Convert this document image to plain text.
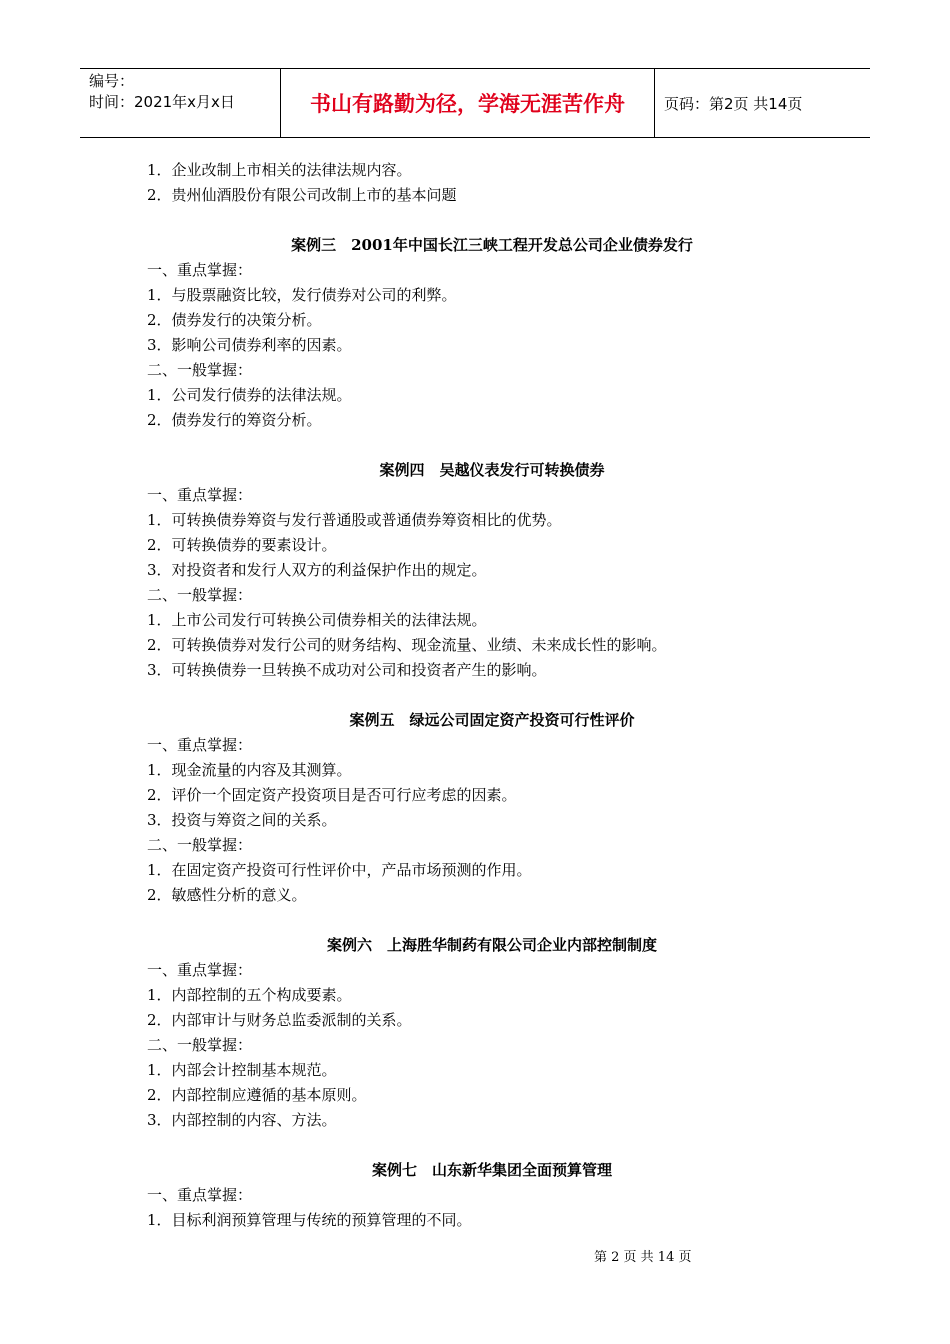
编号：
时间：2021年x月x日	书山有路勤为径，学海无涯苦作舟	页码：第2页 共14页
1．企业改制上市相关的法律法规内容。
2．贵州仙酒股份有限公司改制上市的基本问题
案例三　2001年中国长江三峡工程开发总公司企业债券发行
一、重点掌握：
1．与股票融资比较，发行债券对公司的利弊。
2．债券发行的决策分析。
3．影响公司债券利率的因素。
二、一般掌握：
1．公司发行债券的法律法规。
2．债券发行的筹资分析。
案例四　吴越仪表发行可转换债券
一、重点掌握：
1．可转换债券筹资与发行普通股或普通债券筹资相比的优势。
2．可转换债券的要素设计。
3．对投资者和发行人双方的利益保护作出的规定。
二、一般掌握：
1．上市公司发行可转换公司债券相关的法律法规。
2．可转换债券对发行公司的财务结构、现金流量、业绩、未来成长性的影响。
3．可转换债券一旦转换不成功对公司和投资者产生的影响。
案例五　绿远公司固定资产投资可行性评价
一、重点掌握：
1．现金流量的内容及其测算。
2．评价一个固定资产投资项目是否可行应考虑的因素。
3．投资与筹资之间的关系。
二、一般掌握：
1．在固定资产投资可行性评价中，产品市场预测的作用。
2．敏感性分析的意义。
案例六　上海胜华制药有限公司企业内部控制制度
一、重点掌握：
1．内部控制的五个构成要素。
2．内部审计与财务总监委派制的关系。
二、一般掌握：
1．内部会计控制基本规范。
2．内部控制应遵循的基本原则。
3．内部控制的内容、方法。
案例七　山东新华集团全面预算管理
一、重点掌握：
1．目标利润预算管理与传统的预算管理的不同。
第 2 页 共 14 页
